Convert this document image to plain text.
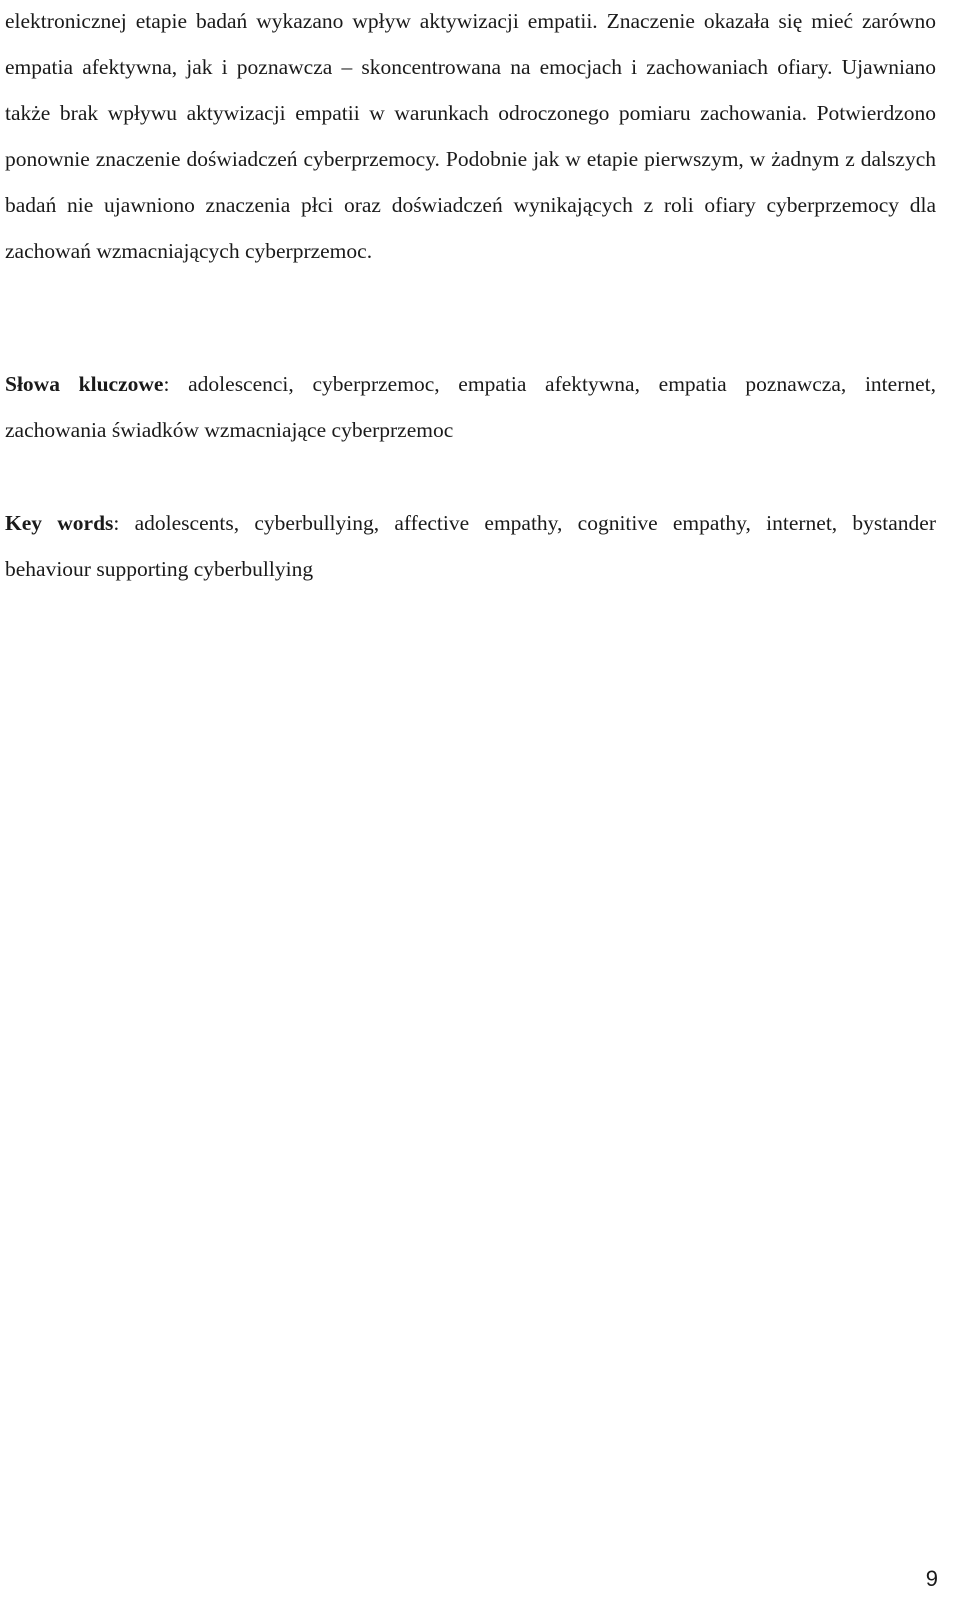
elektronicznej etapie badań wykazano wpływ aktywizacji empatii. Znaczenie okazała się mieć zarówno empatia afektywna, jak i poznawcza – skoncentrowana na emocjach i zachowaniach ofiary. Ujawniano także brak wpływu aktywizacji empatii w warunkach odroczonego pomiaru zachowania. Potwierdzono ponownie znaczenie doświadczeń cyberprzemocy. Podobnie jak w etapie pierwszym, w żadnym z dalszych badań nie ujawniono znaczenia płci oraz doświadczeń wynikających z roli ofiary cyberprzemocy dla zachowań wzmacniających cyberprzemoc.

Słowa kluczowe: adolescenci, cyberprzemoc, empatia afektywna, empatia poznawcza, internet, zachowania świadków wzmacniające cyberprzemoc

Key words: adolescents, cyberbullying, affective empathy, cognitive empathy, internet, bystander behaviour supporting cyberbullying

9
